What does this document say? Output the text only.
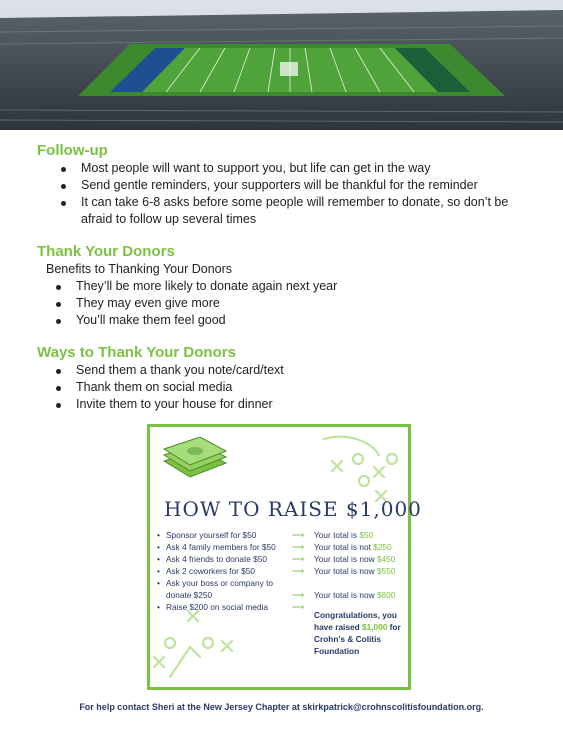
Follow-up
Most people will want to support you, but life can get in the way
Send gentle reminders, your supporters will be thankful for the reminder
It can take 6-8 asks before some people will remember to donate, so don’t be afraid to follow up several times
Thank Your Donors
Benefits to Thanking Your Donors
They’ll be more likely to donate again next year
They may even give more
You’ll make them feel good
Ways to Thank Your Donors
Send them a thank you note/card/text
Thank them on social media
Invite them to your house for dinner
HOW TO RAISE $1,000
• Sponsor yourself for $50	⟶ Your total is $50
• Ask 4 family members for $50 ⟶ Your total is not $250
• Ask 4 friends to donate $50	⟶ Your total is now $450
• Ask 2 coworkers for $50	⟶ Your total is now $550
• Ask your boss or company to
donate $250	⟶ Your total is now $800
• Raise $200 on social media	⟶
Congratulations, you have raised $1,000 for Crohn’s & Colitis Foundation
For help contact Sheri at the New Jersey Chapter at skirkpatrick@crohnscolitisfoundation.org.
